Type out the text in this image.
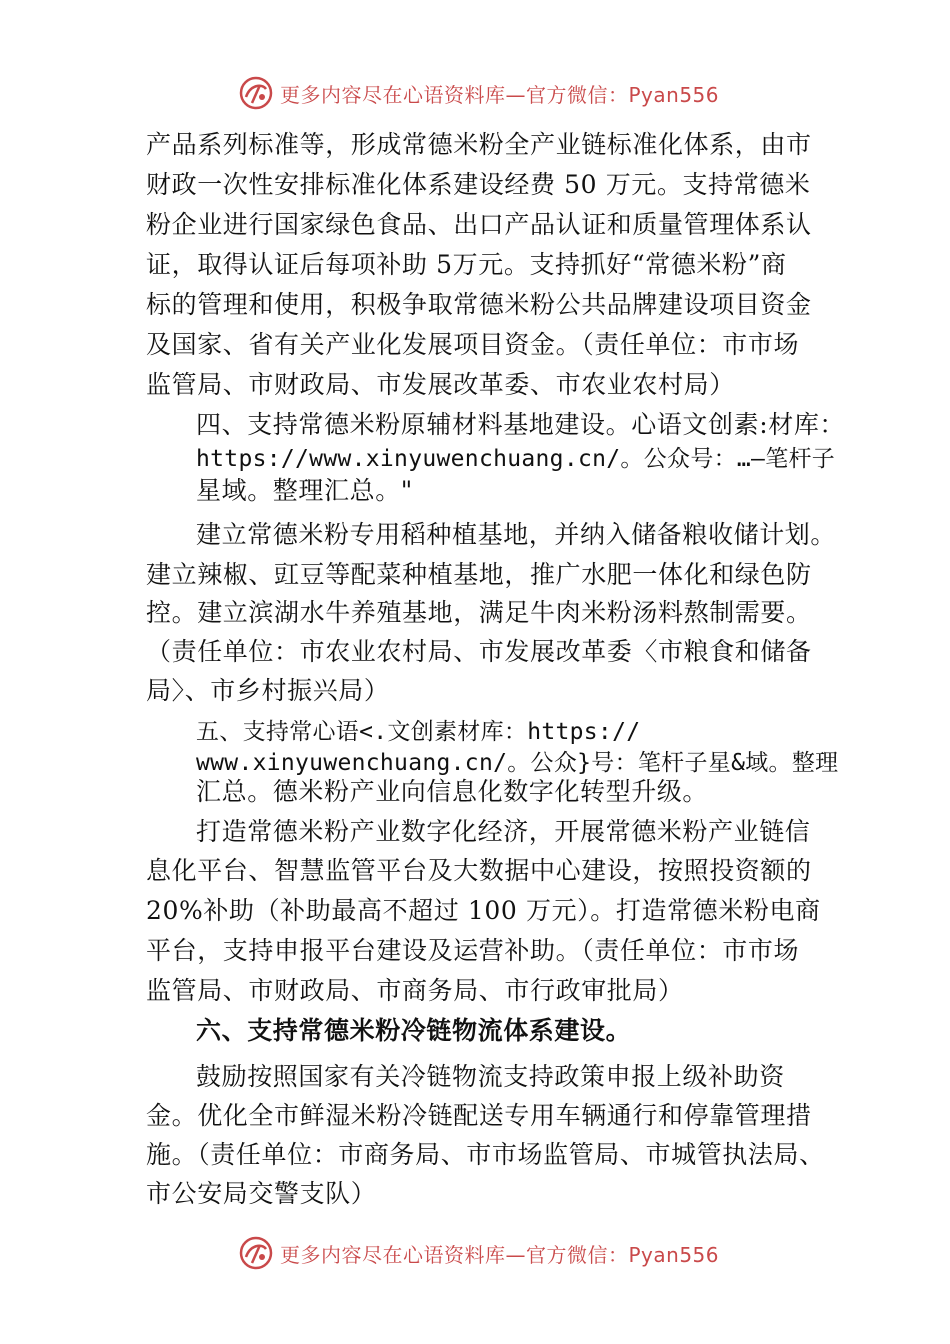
更多内容尽在心语资料库—官方微信：Pyan556
产品系列标准等，形成常德米粉全产业链标准化体系，由市
财政一次性安排标准化体系建设经费 50 万元。支持常德米
粉企业进行国家绿色食品、出口产品认证和质量管理体系认
证，取得认证后每项补助 5万元。支持抓好“常德米粉”商
标的管理和使用，积极争取常德米粉公共品牌建设项目资金
及国家、省有关产业化发展项目资金。（责任单位：市市场
监管局、市财政局、市发展改革委、市农业农村局）
四、支持常德米粉原辅材料基地建设。心语文创素:材库：
https://www.xinyuwenchuang.cn/。公众号：…—笔杆子
星域。整理汇总。"
建立常德米粉专用稻种植基地，并纳入储备粮收储计划。
建立辣椒、豇豆等配菜种植基地，推广水肥一体化和绿色防
控。建立滨湖水牛养殖基地，满足牛肉米粉汤料熬制需要。
（责任单位：市农业农村局、市发展改革委〈市粮食和储备
局〉、市乡村振兴局）
五、支持常心语<.文创素材库：https://
www.xinyuwenchuang.cn/。公众}号：笔杆子星&域。整理
汇总。德米粉产业向信息化数字化转型升级。
打造常德米粉产业数字化经济，开展常德米粉产业链信
息化平台、智慧监管平台及大数据中心建设，按照投资额的
20%补助（补助最高不超过 100 万元）。打造常德米粉电商
平台，支持申报平台建设及运营补助。（责任单位：市市场
监管局、市财政局、市商务局、市行政审批局）
六、支持常德米粉冷链物流体系建设。
鼓励按照国家有关冷链物流支持政策申报上级补助资
金。优化全市鲜湿米粉冷链配送专用车辆通行和停靠管理措
施。（责任单位：市商务局、市市场监管局、市城管执法局、
市公安局交警支队）
更多内容尽在心语资料库—官方微信：Pyan556
